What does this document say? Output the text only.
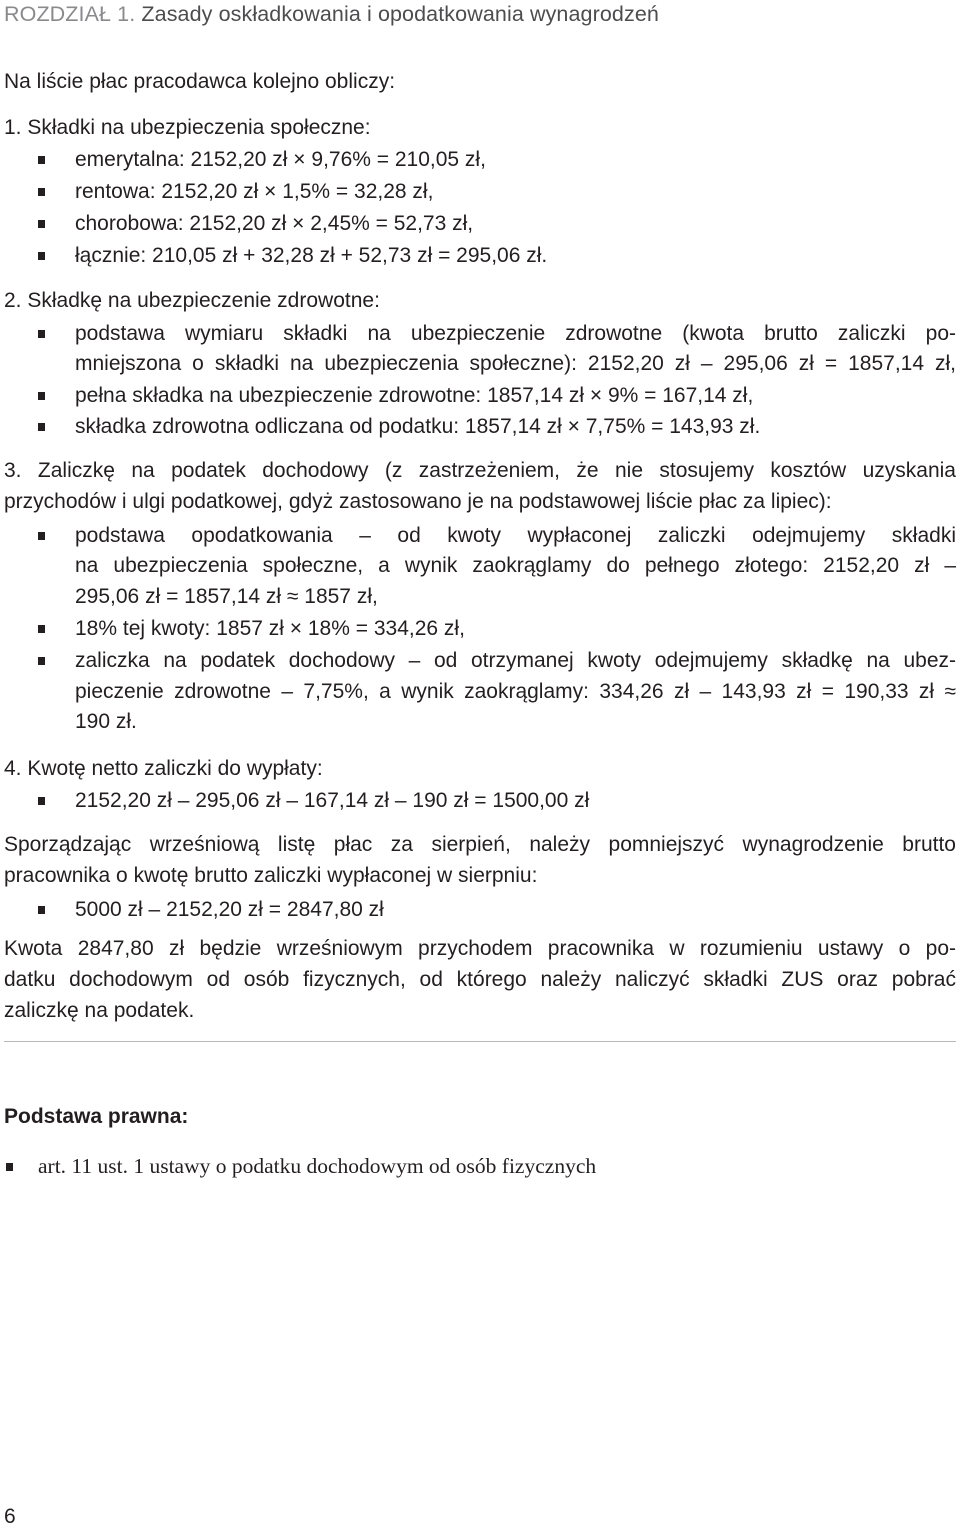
ROZDZIAŁ 1. Zasady oskładkowania i opodatkowania wynagrodzeń
Na liście płac pracodawca kolejno obliczy:
1. Składki na ubezpieczenia społeczne:
emerytalna: 2152,20 zł × 9,76% = 210,05 zł,
rentowa: 2152,20 zł × 1,5% = 32,28 zł,
chorobowa: 2152,20 zł × 2,45% = 52,73 zł,
łącznie: 210,05 zł + 32,28 zł + 52,73 zł = 295,06 zł.
2. Składkę na ubezpieczenie zdrowotne:
podstawa wymiaru składki na ubezpieczenie zdrowotne (kwota brutto zaliczki po-
mniejszona o składki na ubezpieczenia społeczne): 2152,20 zł – 295,06 zł = 1857,14 zł,
pełna składka na ubezpieczenie zdrowotne: 1857,14 zł × 9% = 167,14 zł,
składka zdrowotna odliczana od podatku: 1857,14 zł × 7,75% = 143,93 zł.
3. Zaliczkę na podatek dochodowy (z zastrzeżeniem, że nie stosujemy kosztów uzyskania
przychodów i ulgi podatkowej, gdyż zastosowano je na podstawowej liście płac za lipiec):
podstawa opodatkowania – od kwoty wypłaconej zaliczki odejmujemy składki
na ubezpieczenia społeczne, a wynik zaokrąglamy do pełnego złotego: 2152,20 zł –
295,06 zł = 1857,14 zł ≈ 1857 zł,
18% tej kwoty: 1857 zł × 18% = 334,26 zł,
zaliczka na podatek dochodowy – od otrzymanej kwoty odejmujemy składkę na ubez-
pieczenie zdrowotne – 7,75%, a wynik zaokrąglamy: 334,26 zł – 143,93 zł = 190,33 zł ≈
190 zł.
4. Kwotę netto zaliczki do wypłaty:
2152,20 zł – 295,06 zł – 167,14 zł – 190 zł = 1500,00 zł
Sporządzając wrześniową listę płac za sierpień, należy pomniejszyć wynagrodzenie brutto
pracownika o kwotę brutto zaliczki wypłaconej w sierpniu:
5000 zł – 2152,20 zł = 2847,80 zł
Kwota 2847,80 zł będzie wrześniowym przychodem pracownika w rozumieniu ustawy o po-
datku dochodowym od osób fizycznych, od którego należy naliczyć składki ZUS oraz pobrać
zaliczkę na podatek.
Podstawa prawna:
art. 11 ust. 1 ustawy o podatku dochodowym od osób fizycznych
6
